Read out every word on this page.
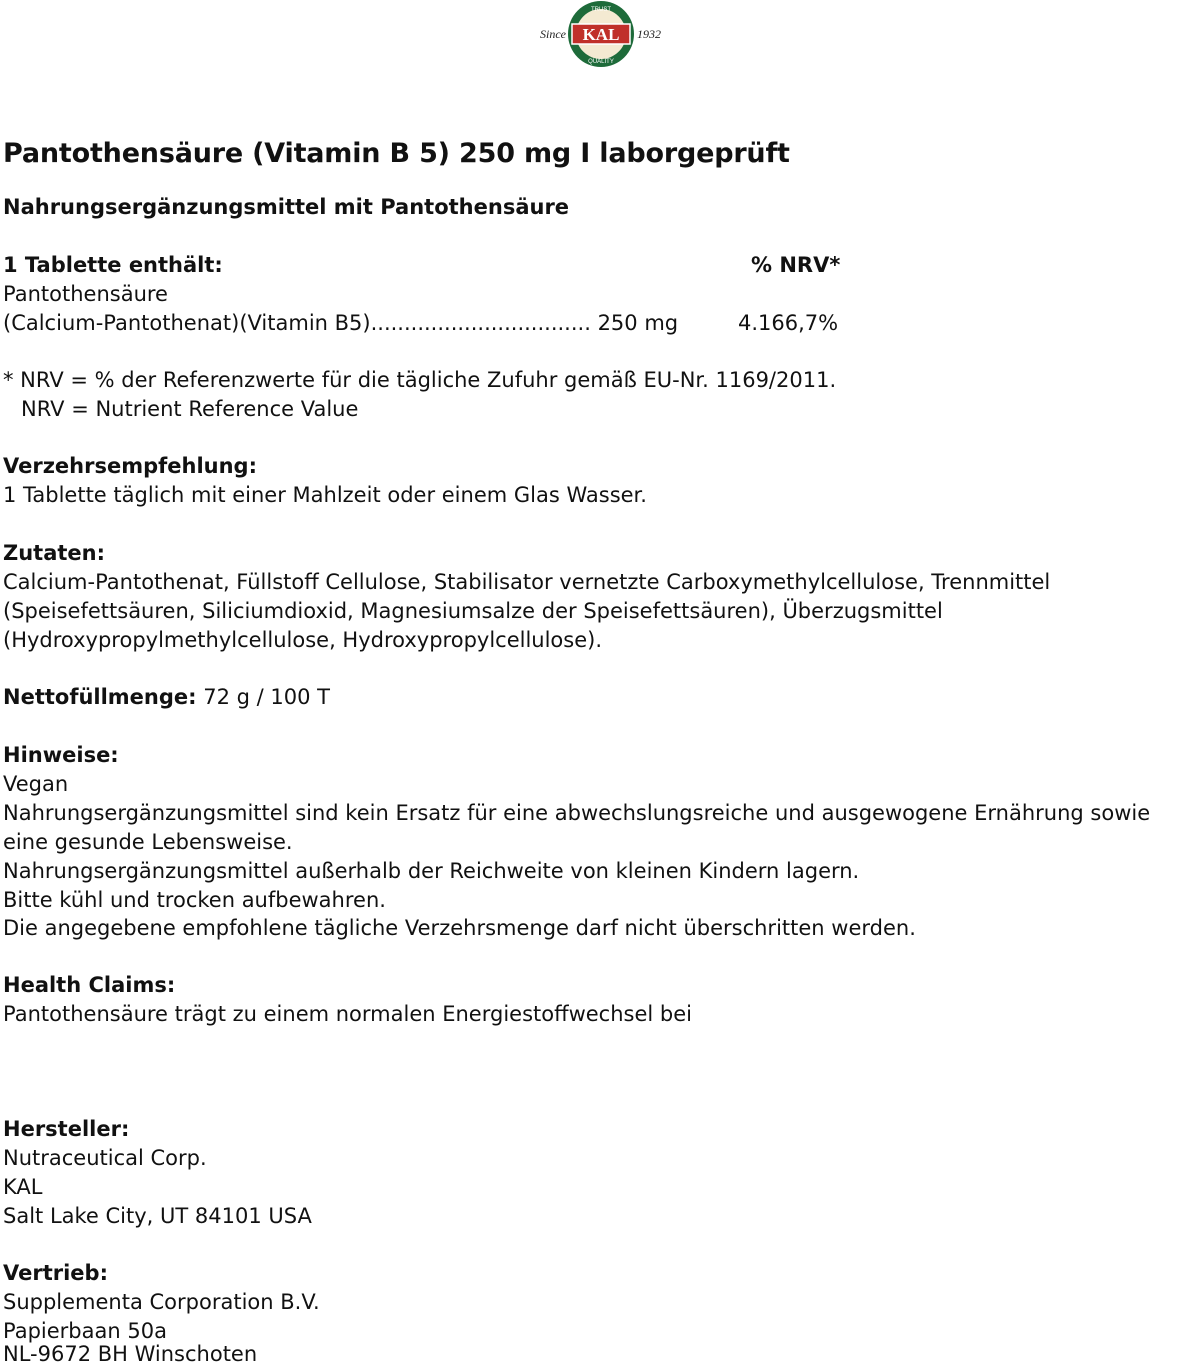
Since
TRUST
QUALITY
KAL 1932
Pantothensäure (Vitamin B 5) 250 mg I laborgeprüft
Nahrungsergänzungsmittel mit Pantothensäure
1 Tablette enthält:	% NRV*
Pantothensäure
(Calcium-Pantothenat)(Vitamin B5)................................. 250 mg	4.166,7%
* NRV = % der Referenzwerte für die tägliche Zufuhr gemäß EU-Nr. 1169/2011.
NRV = Nutrient Reference Value
Verzehrsempfehlung:
1 Tablette täglich mit einer Mahlzeit oder einem Glas Wasser.
Zutaten:
Calcium-Pantothenat, Füllstoff Cellulose, Stabilisator vernetzte Carboxymethylcellulose, Trennmittel
(Speisefettsäuren, Siliciumdioxid, Magnesiumsalze der Speisefettsäuren), Überzugsmittel
(Hydroxypropylmethylcellulose, Hydroxypropylcellulose).
Nettofüllmenge: 72 g / 100 T
Hinweise:
Vegan
Nahrungsergänzungsmittel sind kein Ersatz für eine abwechslungsreiche und ausgewogene Ernährung sowie
eine gesunde Lebensweise.
Nahrungsergänzungsmittel außerhalb der Reichweite von kleinen Kindern lagern.
Bitte kühl und trocken aufbewahren.
Die angegebene empfohlene tägliche Verzehrsmenge darf nicht überschritten werden.
Health Claims:
Pantothensäure trägt zu einem normalen Energiestoffwechsel bei
Hersteller:
Nutraceutical Corp.
KAL
Salt Lake City, UT 84101 USA
Vertrieb:
Supplementa Corporation B.V.
Papierbaan 50a
NL-9672 BH Winschoten
